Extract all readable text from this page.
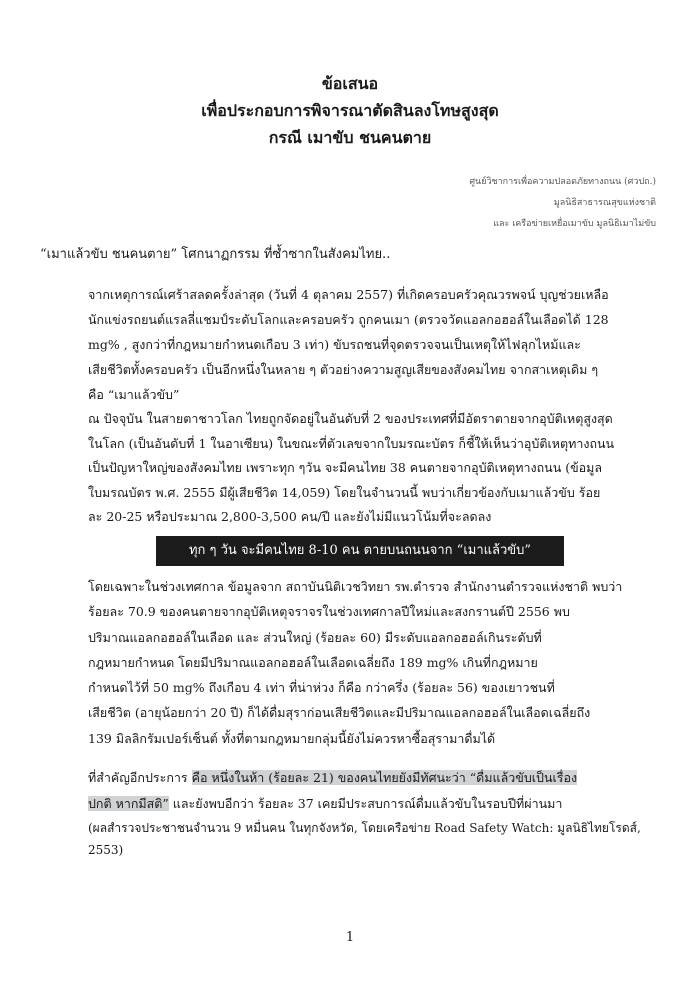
ข้อเสนอ
เพื่อประกอบการพิจารณาตัดสินลงโทษสูงสุด
กรณี เมาขับ ชนคนตาย
ศูนย์วิชาการเพื่อความปลอดภัยทางถนน (ศวปถ.)
มูลนิธิสาธารณสุขแห่งชาติ
และ เครือข่ายเหยื่อเมาขับ มูลนิธิเมาไม่ขับ
“เมาแล้วขับ ชนคนตาย” โศกนาฏกรรม ที่ซ้ำซากในสังคมไทย..
จากเหตุการณ์เศร้าสลดครั้งล่าสุด (วันที่ 4 ตุลาคม 2557) ที่เกิดครอบครัวคุณวรพจน์ บุญช่วยเหลือ
นักแข่งรถยนต์แรลลี่แชมป์ระดับโลกและครอบครัว ถูกคนเมา (ตรวจวัดแอลกอฮอล์ในเลือดได้ 128
mg% , สูงกว่าที่กฎหมายกำหนดเกือบ 3 เท่า) ขับรถชนที่จุดตรวจจนเป็นเหตุให้ไฟลุกไหม้และ
เสียชีวิตทั้งครอบครัว เป็นอีกหนึ่งในหลาย ๆ ตัวอย่างความสูญเสียของสังคมไทย จากสาเหตุเดิม ๆ
คือ “เมาแล้วขับ”
ณ ปัจจุบัน ในสายตาชาวโลก ไทยถูกจัดอยู่ในอันดับที่ 2 ของประเทศที่มีอัตราตายจากอุบัติเหตุสูงสุด
ในโลก (เป็นอันดับที่ 1 ในอาเซียน) ในขณะที่ตัวเลขจากใบมรณะบัตร ก็ชี้ให้เห็นว่าอุบัติเหตุทางถนน
เป็นปัญหาใหญ่ของสังคมไทย เพราะทุก ๆวัน จะมีคนไทย 38 คนตายจากอุบัติเหตุทางถนน (ข้อมูล
ใบมรณบัตร พ.ศ. 2555 มีผู้เสียชีวิต 14,059) โดยในจำนวนนี้ พบว่าเกี่ยวข้องกับเมาแล้วขับ ร้อย
ละ 20-25 หรือประมาณ 2,800-3,500 คน/ปี และยังไม่มีแนวโน้มที่จะลดลง
ทุก ๆ วัน จะมีคนไทย 8-10 คน ตายบนถนนจาก “เมาแล้วขับ”
โดยเฉพาะในช่วงเทศกาล ข้อมูลจาก สถาบันนิติเวชวิทยา รพ.ตำรวจ สำนักงานตำรวจแห่งชาติ พบว่า
ร้อยละ 70.9 ของคนตายจากอุบัติเหตุจราจรในช่วงเทศกาลปีใหม่และสงกรานต์ปี 2556 พบ
ปริมาณแอลกอฮอล์ในเลือด และ ส่วนใหญ่ (ร้อยละ 60) มีระดับแอลกอฮอล์เกินระดับที่
กฎหมายกำหนด โดยมีปริมาณแอลกอฮอล์ในเลือดเฉลี่ยถึง 189 mg% เกินที่กฎหมาย
กำหนดไว้ที่ 50 mg% ถึงเกือบ 4 เท่า ที่น่าห่วง ก็คือ กว่าครึ่ง (ร้อยละ 56) ของเยาวชนที่
เสียชีวิต (อายุน้อยกว่า 20 ปี) ก็ได้ดื่มสุราก่อนเสียชีวิตและมีปริมาณแอลกอฮอล์ในเลือดเฉลี่ยถึง
139 มิลลิกรัมเปอร์เซ็นต์ ทั้งที่ตามกฎหมายกลุ่มนี้ยังไม่ควรหาซื้อสุรามาดื่มได้
ที่สำคัญอีกประการ คือ หนึ่งในห้า (ร้อยละ 21) ของคนไทยยังมีทัศนะว่า “ดื่มแล้วขับเป็นเรื่อง
ปกติ หากมีสติ” และยังพบอีกว่า ร้อยละ 37 เคยมีประสบการณ์ดื่มแล้วขับในรอบปีที่ผ่านมา
(ผลสำรวจประชาชนจำนวน 9 หมื่นคน ในทุกจังหวัด, โดยเครือข่าย Road Safety Watch: มูลนิธิไทยโรดส์,
2553)
1
